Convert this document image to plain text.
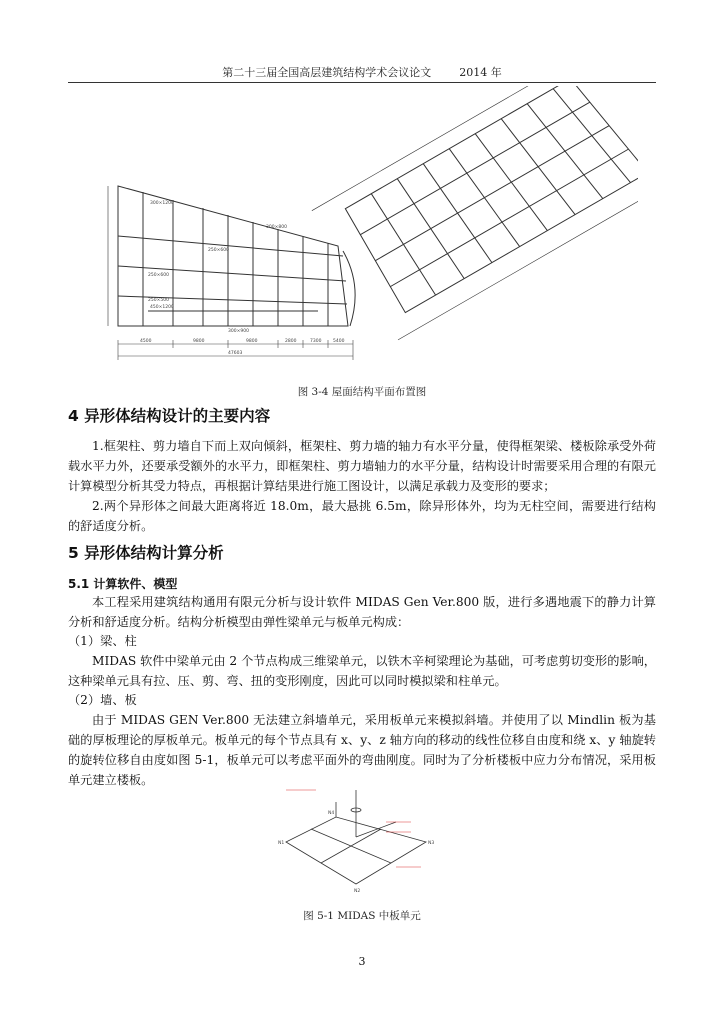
第二十三届全国高层建筑结构学术会议论文	2014 年
4500	9800	9800	2800	7300	5400
47603
300×800
300×1200
250×600
250×600
250×500
450×1200
300×900
图 3-4 屋面结构平面布置图
4 异形体结构设计的主要内容

1.框架柱、剪力墙自下而上双向倾斜，框架柱、剪力墙的轴力有水平分量，使得框架梁、楼板除承受外荷载水平力外，还要承受额外的水平力，即框架柱、剪力墙轴力的水平分量，结构设计时需要采用合理的有限元计算模型分析其受力特点，再根据计算结果进行施工图设计，以满足承载力及变形的要求；

2.两个异形体之间最大距离将近 18.0m，最大悬挑 6.5m，除异形体外，均为无柱空间，需要进行结构的舒适度分析。

5 异形体结构计算分析
5.1 计算软件、模型

本工程采用建筑结构通用有限元分析与设计软件 MIDAS Gen Ver.800 版，进行多遇地震下的静力计算分析和舒适度分析。结构分析模型由弹性梁单元与板单元构成：

（1）梁、柱

MIDAS 软件中梁单元由 2 个节点构成三维梁单元，以铁木辛柯梁理论为基础，可考虑剪切变形的影响，这种梁单元具有拉、压、剪、弯、扭的变形刚度，因此可以同时模拟梁和柱单元。

（2）墙、板

由于 MIDAS GEN Ver.800 无法建立斜墙单元，采用板单元来模拟斜墙。并使用了以 Mindlin 板为基础的厚板理论的厚板单元。板单元的每个节点具有 x、y、z 轴方向的移动的线性位移自由度和绕 x、y 轴旋转的旋转位移自由度如图 5-1，板单元可以考虑平面外的弯曲刚度。同时为了分析楼板中应力分布情况，采用板单元建立楼板。

N1
N2
N3
N4
图 5-1 MIDAS 中板单元
3
